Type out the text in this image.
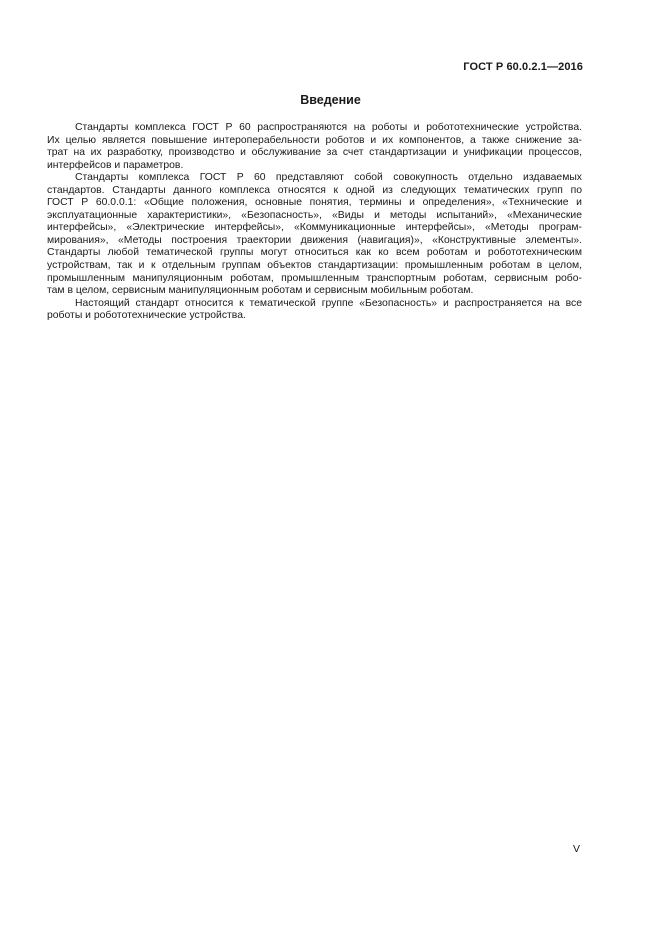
ГОСТ Р 60.0.2.1—2016
Введение
Стандарты комплекса ГОСТ Р 60 распространяются на роботы и робототехнические устройства.
Их целью является повышение интероперабельности роботов и их компонентов, а также снижение за-
трат на их разработку, производство и обслуживание за счет стандартизации и унификации процессов,
интерфейсов и параметров.
Стандарты комплекса ГОСТ Р 60 представляют собой совокупность отдельно издаваемых
стандартов. Стандарты данного комплекса относятся к одной из следующих тематических групп по
ГОСТ Р 60.0.0.1: «Общие положения, основные понятия, термины и определения», «Технические и
эксплуатационные характеристики», «Безопасность», «Виды и методы испытаний», «Механические
интерфейсы», «Электрические интерфейсы», «Коммуникационные интерфейсы», «Методы програм-
мирования», «Методы построения траектории движения (навигация)», «Конструктивные элементы».
Стандарты любой тематической группы могут относиться как ко всем роботам и робототехническим
устройствам, так и к отдельным группам объектов стандартизации: промышленным роботам в целом,
промышленным манипуляционным роботам, промышленным транспортным роботам, сервисным робо-
там в целом, сервисным манипуляционным роботам и сервисным мобильным роботам.
Настоящий стандарт относится к тематической группе «Безопасность» и распространяется на все
роботы и робототехнические устройства.
V
